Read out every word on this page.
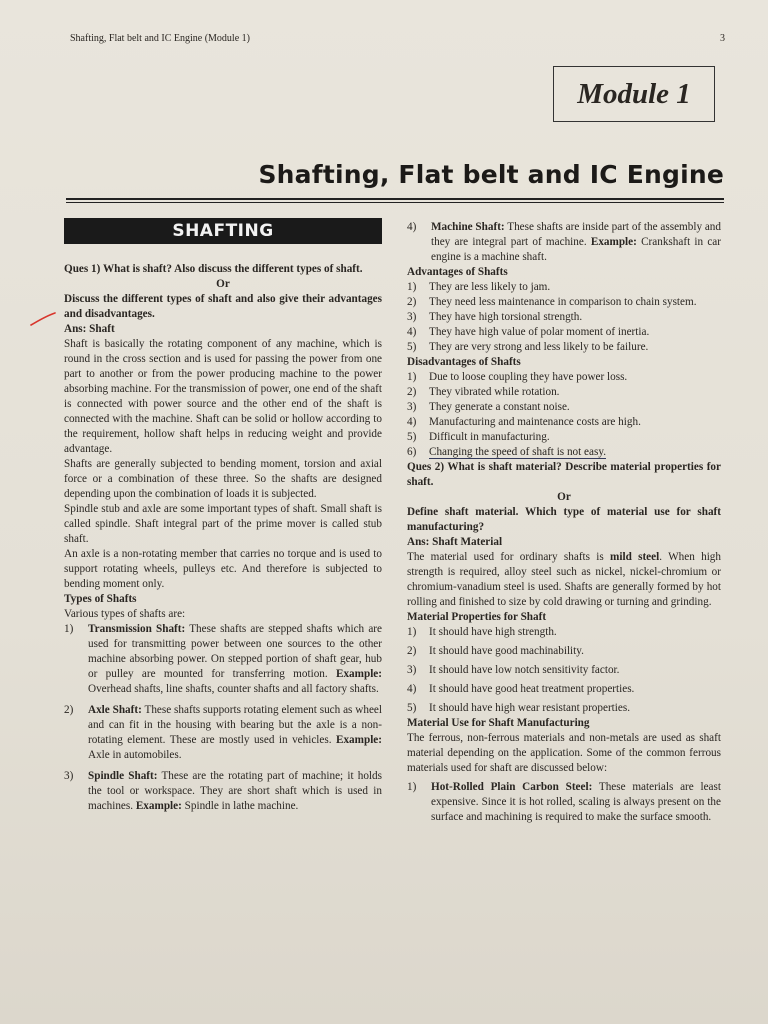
Shafting, Flat belt and IC Engine (Module 1)	3
Module 1
Shafting, Flat belt and IC Engine
SHAFTING

Ques 1) What is shaft? Also discuss the different types of shaft.

Or

Discuss the different types of shaft and also give their advantages and disadvantages.

Ans: Shaft

Shaft is basically the rotating component of any machine, which is round in the cross section and is used for passing the power from one part to another or from the power producing machine to the power absorbing machine. For the transmission of power, one end of the shaft is connected with power source and the other end of the shaft is connected with the machine. Shaft can be solid or hollow according to the requirement, hollow shaft helps in reducing weight and provide advantage.

Shafts are generally subjected to bending moment, torsion and axial force or a combination of these three. So the shafts are designed depending upon the combination of loads it is subjected.

Spindle stub and axle are some important types of shaft. Small shaft is called spindle. Shaft integral part of the prime mover is called stub shaft.

An axle is a non-rotating member that carries no torque and is used to support rotating wheels, pulleys etc. And therefore is subjected to bending moment only.

Types of Shafts

Various types of shafts are:

1) Transmission Shaft: These shafts are stepped shafts which are used for transmitting power between one sources to the other machine absorbing power. On stepped portion of shaft gear, hub or pulley are mounted for transferring motion. Example: Overhead shafts, line shafts, counter shafts and all factory shafts.
2) Axle Shaft: These shafts supports rotating element such as wheel and can fit in the housing with bearing but the axle is a non-rotating element. These are mostly used in vehicles. Example: Axle in automobiles.
3) Spindle Shaft: These are the rotating part of machine; it holds the tool or workspace. They are short shaft which is used in machines. Example: Spindle in lathe machine.
4) Machine Shaft: These shafts are inside part of the assembly and they are integral part of machine. Example: Crankshaft in car engine is a machine shaft.

Advantages of Shafts

1) They are less likely to jam.
2) They need less maintenance in comparison to chain system.
3) They have high torsional strength.
4) They have high value of polar moment of inertia.
5) They are very strong and less likely to be failure.

Disadvantages of Shafts

1) Due to loose coupling they have power loss.
2) They vibrated while rotation.
3) They generate a constant noise.
4) Manufacturing and maintenance costs are high.
5) Difficult in manufacturing.
6) Changing the speed of shaft is not easy.

Ques 2) What is shaft material? Describe material properties for shaft.

Or

Define shaft material. Which type of material use for shaft manufacturing?

Ans: Shaft Material

The material used for ordinary shafts is mild steel. When high strength is required, alloy steel such as nickel, nickel-chromium or chromium-vanadium steel is used. Shafts are generally formed by hot rolling and finished to size by cold drawing or turning and grinding.

Material Properties for Shaft

1) It should have high strength.
2) It should have good machinability.
3) It should have low notch sensitivity factor.
4) It should have good heat treatment properties.
5) It should have high wear resistant properties.

Material Use for Shaft Manufacturing

The ferrous, non-ferrous materials and non-metals are used as shaft material depending on the application. Some of the common ferrous materials used for shaft are discussed below:

1) Hot-Rolled Plain Carbon Steel: These materials are least expensive. Since it is hot rolled, scaling is always present on the surface and machining is required to make the surface smooth.
